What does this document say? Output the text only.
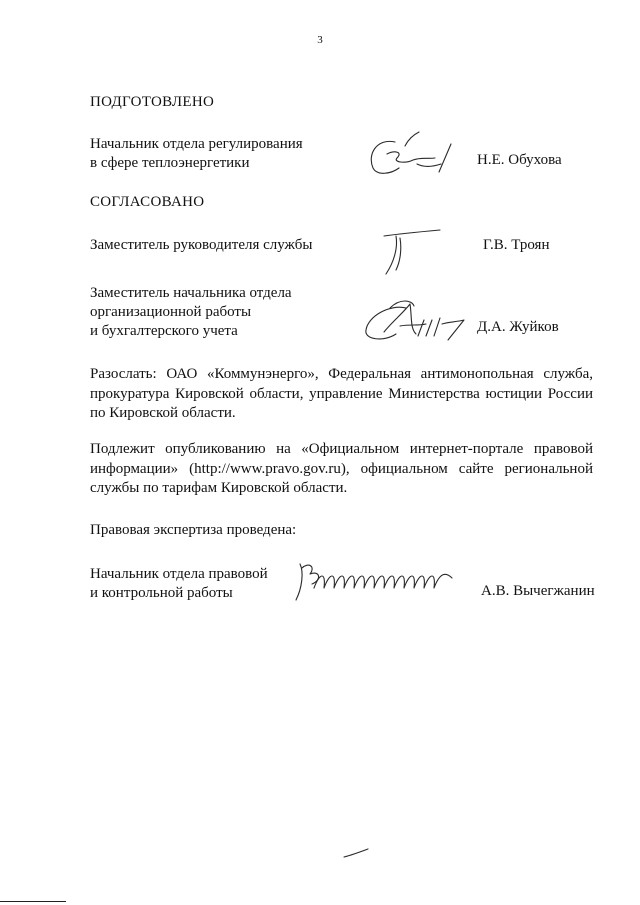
3
ПОДГОТОВЛЕНО
Начальник отдела регулирования
в сфере теплоэнергетики	Н.Е. Обухова
СОГЛАСОВАНО
Заместитель руководителя службы	Г.В. Троян
Заместитель начальника отдела
организационной работы
и бухгалтерского учета	Д.А. Жуйков
Разослать: ОАО «Коммунэнерго», Федеральная антимонопольная служба, прокуратура Кировской области, управление Министерства юстиции России по Кировской области.
Подлежит опубликованию на «Официальном интернет-портале правовой информации» (http://www.pravo.gov.ru), официальном сайте региональной службы по тарифам Кировской области.
Правовая экспертиза проведена:
Начальник отдела правовой
и контрольной работы	А.В. Вычегжанин
